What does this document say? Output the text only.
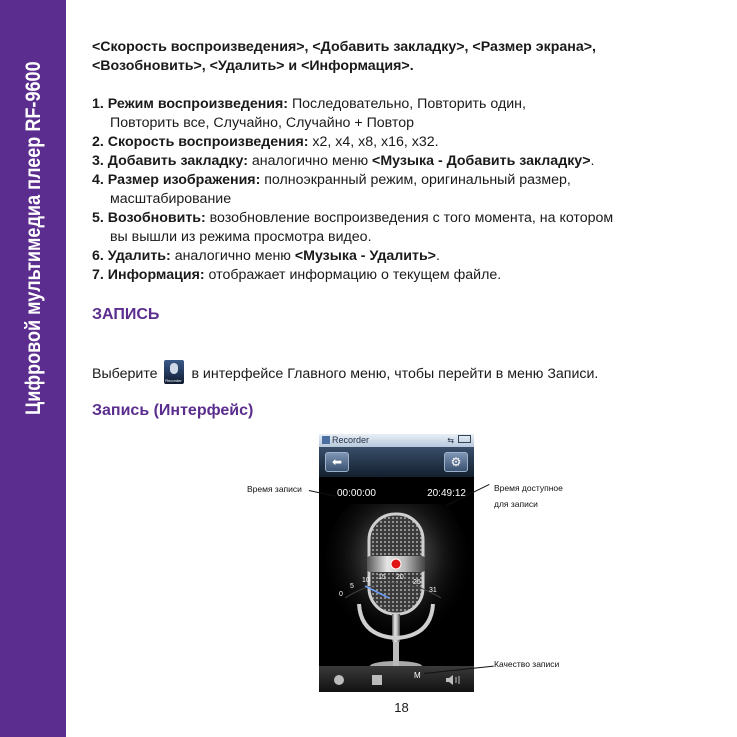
Цифровой мультимедиа плеер RF-9600

<Скорость воспроизведения>, <Добавить закладку>, <Размер экрана>, <Возобновить>, <Удалить> и <Информация>.

1. Режим воспроизведения: Последовательно, Повторить один,

Повторить все, Случайно, Случайно + Повтор

2. Скорость воспроизведения: x2, x4, x8, x16, x32.

3. Добавить закладку: аналогично меню <Музыка - Добавить закладку>.

4. Размер изображения: полноэкранный режим, оригинальный размер,

масштабирование

5. Возобновить: возобновление воспроизведения с того момента, на котором

вы вышли из режима просмотра видео.

6. Удалить: аналогично меню <Музыка - Удалить>.

7. Информация: отображает информацию о текущем файле.

ЗАПИСЬ
Выберите Recorder в интерфейсе Главного меню, чтобы перейти в меню Записи.
Запись (Интерфейс)
Recorder	⇆
⬅	⚙
00:00:00	20:49:12
0
5
10 15 20
25
31
M
Время записи	Время доступное
для записи
Качество записи
18
